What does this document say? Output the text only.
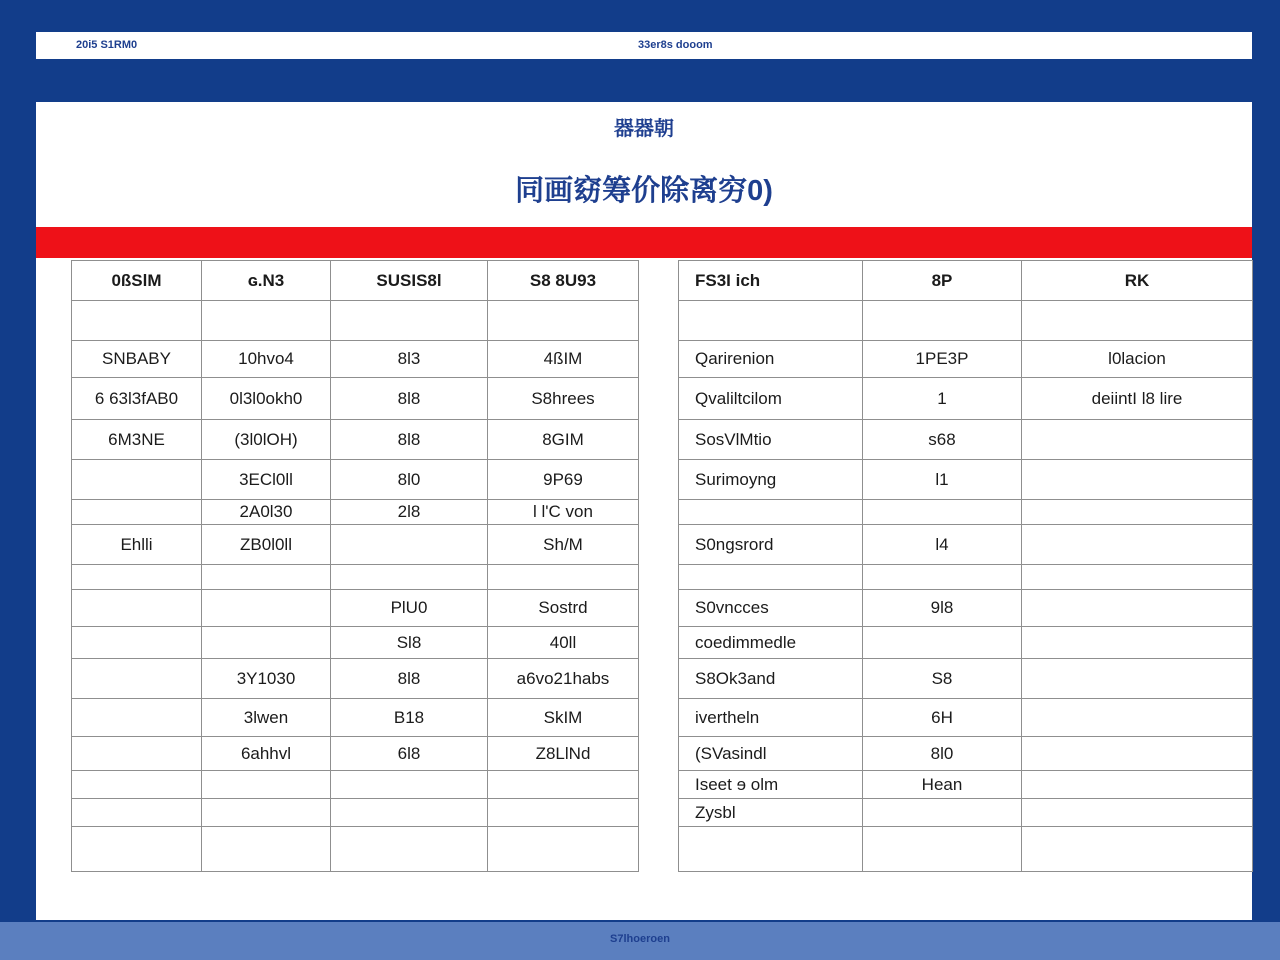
20i5 S1RM0	33er8s dooom
器器朝
同画窈筹价除离穷0)
0ßSlM	ɢ.N3	SUSIS8l	S8 8U93		FS3I ich	8P	RK

SNBABY	10hvo4	8l3	4ßIM		Qarirenion	1PE3P	l0lacion
6 63l3fAB0	0l3l0okh0	8l8	S8hrees		Qvaliltcilom	1	deiintI l8 lire
6M3NE	(3l0lOH)	8l8	8GIM		SosVlMtio	s68	
	3ECl0ll	8l0	9P69		Surimoyng	l1	
	2A0l30	2l8	l l'C von				
Ehlli	ZB0l0ll		Sh/M		S0ngsrord	l4	

		PlU0	Sostrd		S0vncces	9l8	
		Sl8	40ll		coedimmedle		
	3Y1030	8l8	a6vo21habs		S8Ok3and	S8	
	3lwen	B18	SkIM		ivertheln	6H	
	6ahhvl	6l8	Z8LlNd		(SVasindl	8l0	
					Iseet ɘ olm	Hean	
					Zysbl		

S7lhoeroen
